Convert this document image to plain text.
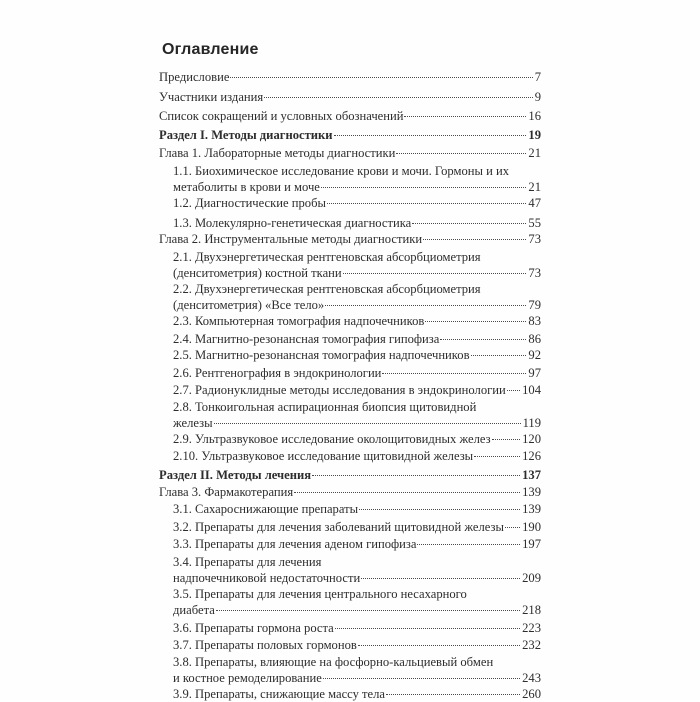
Оглавление
Предисловие	7
Участники издания	9
Список сокращений и условных обозначений	16
Раздел I. Методы диагностики	19
Глава 1. Лабораторные методы диагностики	21
1.1. Биохимическое исследование крови и мочи. Гормоны и их
метаболиты в крови и моче	21
1.2. Диагностические пробы	47
1.3. Молекулярно-генетическая диагностика	55
Глава 2. Инструментальные методы диагностики	73
2.1. Двухэнергетическая рентгеновская абсорбциометрия
(денситометрия) костной ткани	73
2.2. Двухэнергетическая рентгеновская абсорбциометрия
(денситометрия) «Все тело»	79
2.3. Компьютерная томография надпочечников	83
2.4. Магнитно-резонансная томография гипофиза	86
2.5. Магнитно-резонансная томография надпочечников	92
2.6. Рентгенография в эндокринологии	97
2.7. Радионуклидные методы исследования в эндокринологии 104
2.8. Тонкоигольная аспирационная биопсия щитовидной
железы	119
2.9. Ультразвуковое исследование околощитовидных желез	120
2.10. Ультразвуковое исследование щитовидной железы	126
Раздел II. Методы лечения	137
Глава 3. Фармакотерапия	139
3.1. Сахароснижающие препараты	139
3.2. Препараты для лечения заболеваний щитовидной железы 190
3.3. Препараты для лечения аденом гипофиза	197
3.4. Препараты для лечения
надпочечниковой недостаточности	209
3.5. Препараты для лечения центрального несахарного
диабета	218
3.6. Препараты гормона роста	223
3.7. Препараты половых гормонов	232
3.8. Препараты, влияющие на фосфорно-кальциевый обмен
и костное ремоделирование	243
3.9. Препараты, снижающие массу тела	260
